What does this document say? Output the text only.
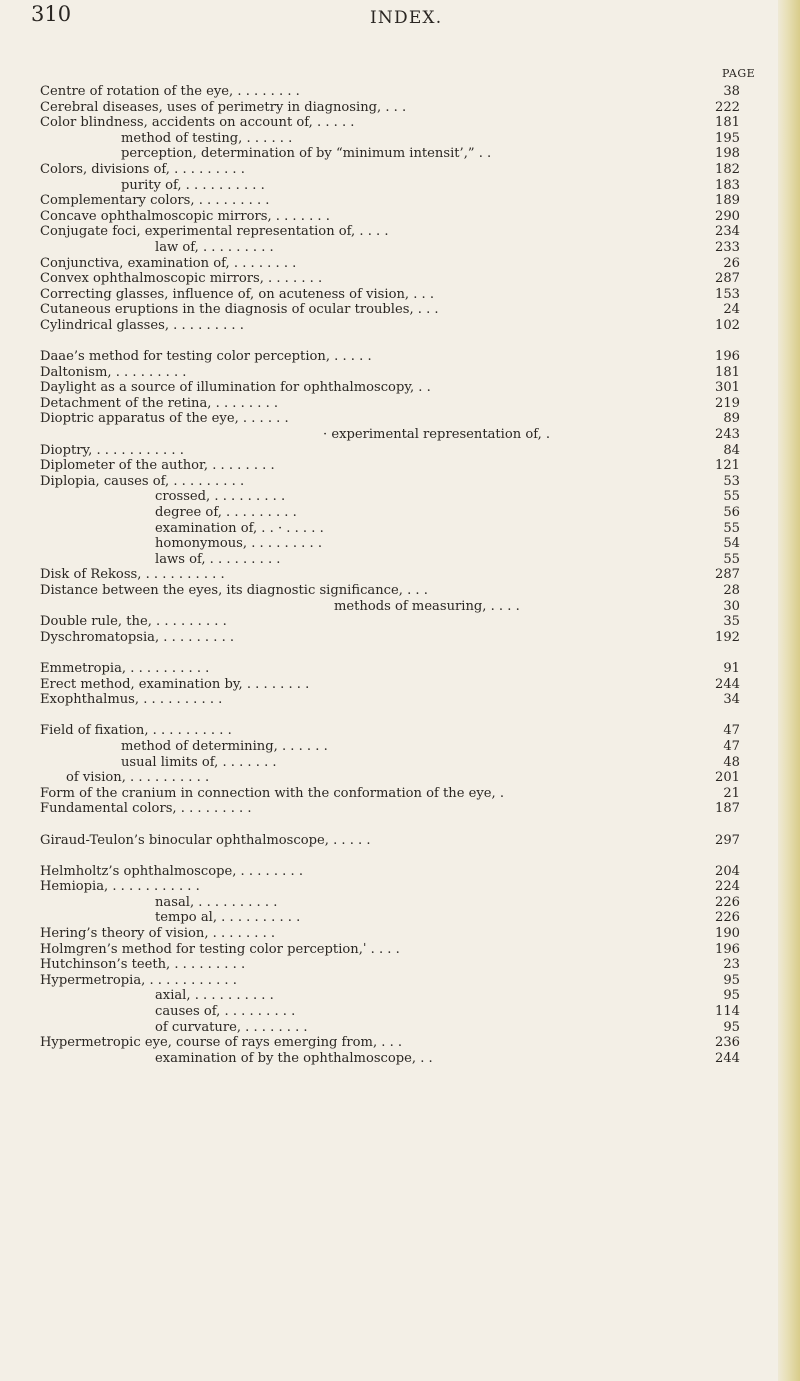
310	INDEX.
PAGE
Centre of rotation of the eye, . . . . . . . .	38
Cerebral diseases, uses of perimetry in diagnosing, . . .	222
Color blindness, accidents on account of, . . . . .	181
method of testing, . . . . . .	195
perception, determination of by “minimum intensit’,” . .	198
Colors, divisions of, . . . . . . . . .	182
purity of, . . . . . . . . . .	183
Complementary colors, . . . . . . . . .	189
Concave ophthalmoscopic mirrors, . . . . . . .	290
Conjugate foci, experimental representation of, . . . .	234
law of, . . . . . . . . .	233
Conjunctiva, examination of, . . . . . . . .	26
Convex ophthalmoscopic mirrors, . . . . . . .	287
Correcting glasses, influence of, on acuteness of vision, . . .	153
Cutaneous eruptions in the diagnosis of ocular troubles, . . .	24
Cylindrical glasses, . . . . . . . . .	102
Daae’s method for testing color perception, . . . . .	196
Daltonism, . . . . . . . . .	181
Daylight as a source of illumination for ophthalmoscopy, . .	301
Detachment of the retina, . . . . . . . .	219
Dioptric apparatus of the eye, . . . . . .	89
· experimental representation of, .	243
Dioptry, . . . . . . . . . . .	84
Diplometer of the author, . . . . . . . .	121
Diplopia, causes of, . . . . . . . . .	53
crossed, . . . . . . . . .	55
degree of, . . . . . . . . .	56
examination of, . . · . . . . .	55
homonymous, . . . . . . . . .	54
laws of, . . . . . . . . .	55
Disk of Rekoss, . . . . . . . . . .	287
Distance between the eyes, its diagnostic significance, . . .	28
methods of measuring, . . . .	30
Double rule, the, . . . . . . . . .	35
Dyschromatopsia, . . . . . . . . .	192
Emmetropia, . . . . . . . . . .	91
Erect method, examination by, . . . . . . . .	244
Exophthalmus, . . . . . . . . . .	34
Field of fixation, . . . . . . . . . .	47
method of determining, . . . . . .	47
usual limits of, . . . . . . .	48
of vision, . . . . . . . . . .	201
Form of the cranium in connection with the conformation of the eye, .	21
Fundamental colors, . . . . . . . . .	187
Giraud-Teulon’s binocular ophthalmoscope, . . . . .	297
Helmholtz’s ophthalmoscope, . . . . . . . .	204
Hemiopia, . . . . . . . . . . .	224
nasal, . . . . . . . . . .	226
tempo al, . . . . . . . . . .	226
Hering’s theory of vision, . . . . . . . .	190
Holmgren’s method for testing color perception,ˈ . . . .	196
Hutchinson’s teeth, . . . . . . . . .	23
Hypermetropia, . . . . . . . . . . .	95
axial, . . . . . . . . . .	95
causes of, . . . . . . . . .	114
of curvature, . . . . . . . .	95
Hypermetropic eye, course of rays emerging from, . . .	236
examination of by the ophthalmoscope, . .	244
